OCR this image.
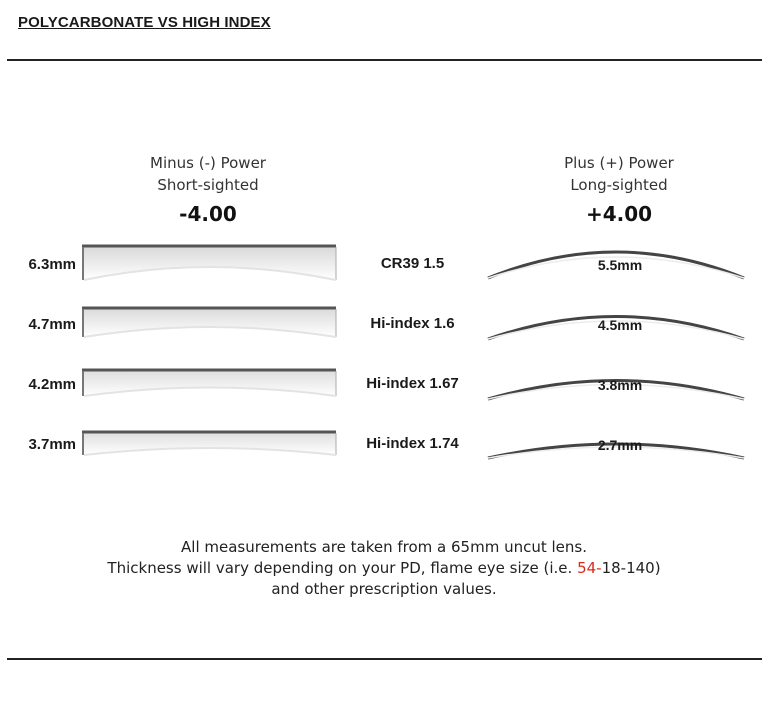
POLYCARBONATE VS HIGH INDEX
Minus (-) Power
Short-sighted
-4.00
Plus (+) Power
Long-sighted
+4.00
6.3mm	CR39 1.5	5.5mm
4.7mm	Hi-index 1.6	4.5mm
4.2mm	Hi-index 1.67	3.8mm
3.7mm	Hi-index 1.74	2.7mm
All measurements are taken from a 65mm uncut lens.
Thickness will vary depending on your PD, flame eye size (i.e. 54-18-140)
and other prescription values.
